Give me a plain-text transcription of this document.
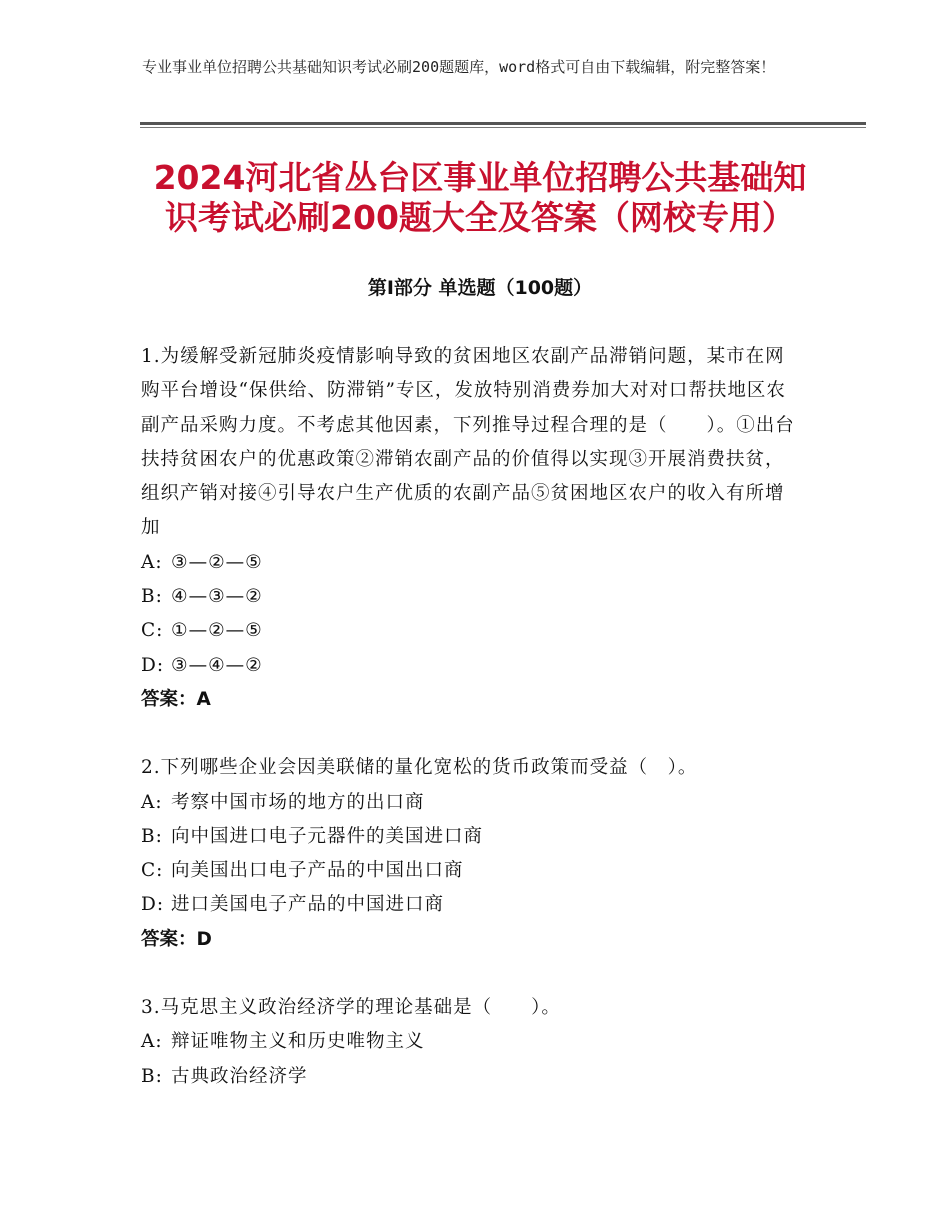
专业事业单位招聘公共基础知识考试必刷200题题库，word格式可自由下载编辑，附完整答案！
2024河北省丛台区事业单位招聘公共基础知识考试必刷200题大全及答案（网校专用）
第Ⅰ部分 单选题（100题）

1.为缓解受新冠肺炎疫情影响导致的贫困地区农副产品滞销问题，某市在网购平台增设“保供给、防滞销”专区，发放特别消费券加大对对口帮扶地区农副产品采购力度。不考虑其他因素，下列推导过程合理的是（　　）。①出台扶持贫困农户的优惠政策②滞销农副产品的价值得以实现③开展消费扶贫，组织产销对接④引导农户生产优质的农副产品⑤贫困地区农户的收入有所增加

A: ③—②—⑤
B: ④—③—②
C: ①—②—⑤
D: ③—④—②
答案：A

2.下列哪些企业会因美联储的量化宽松的货币政策而受益（　）。

A: 考察中国市场的地方的出口商
B: 向中国进口电子元器件的美国进口商
C: 向美国出口电子产品的中国出口商
D: 进口美国电子产品的中国进口商
答案：D

3.马克思主义政治经济学的理论基础是（　　）。

A: 辩证唯物主义和历史唯物主义
B: 古典政治经济学
